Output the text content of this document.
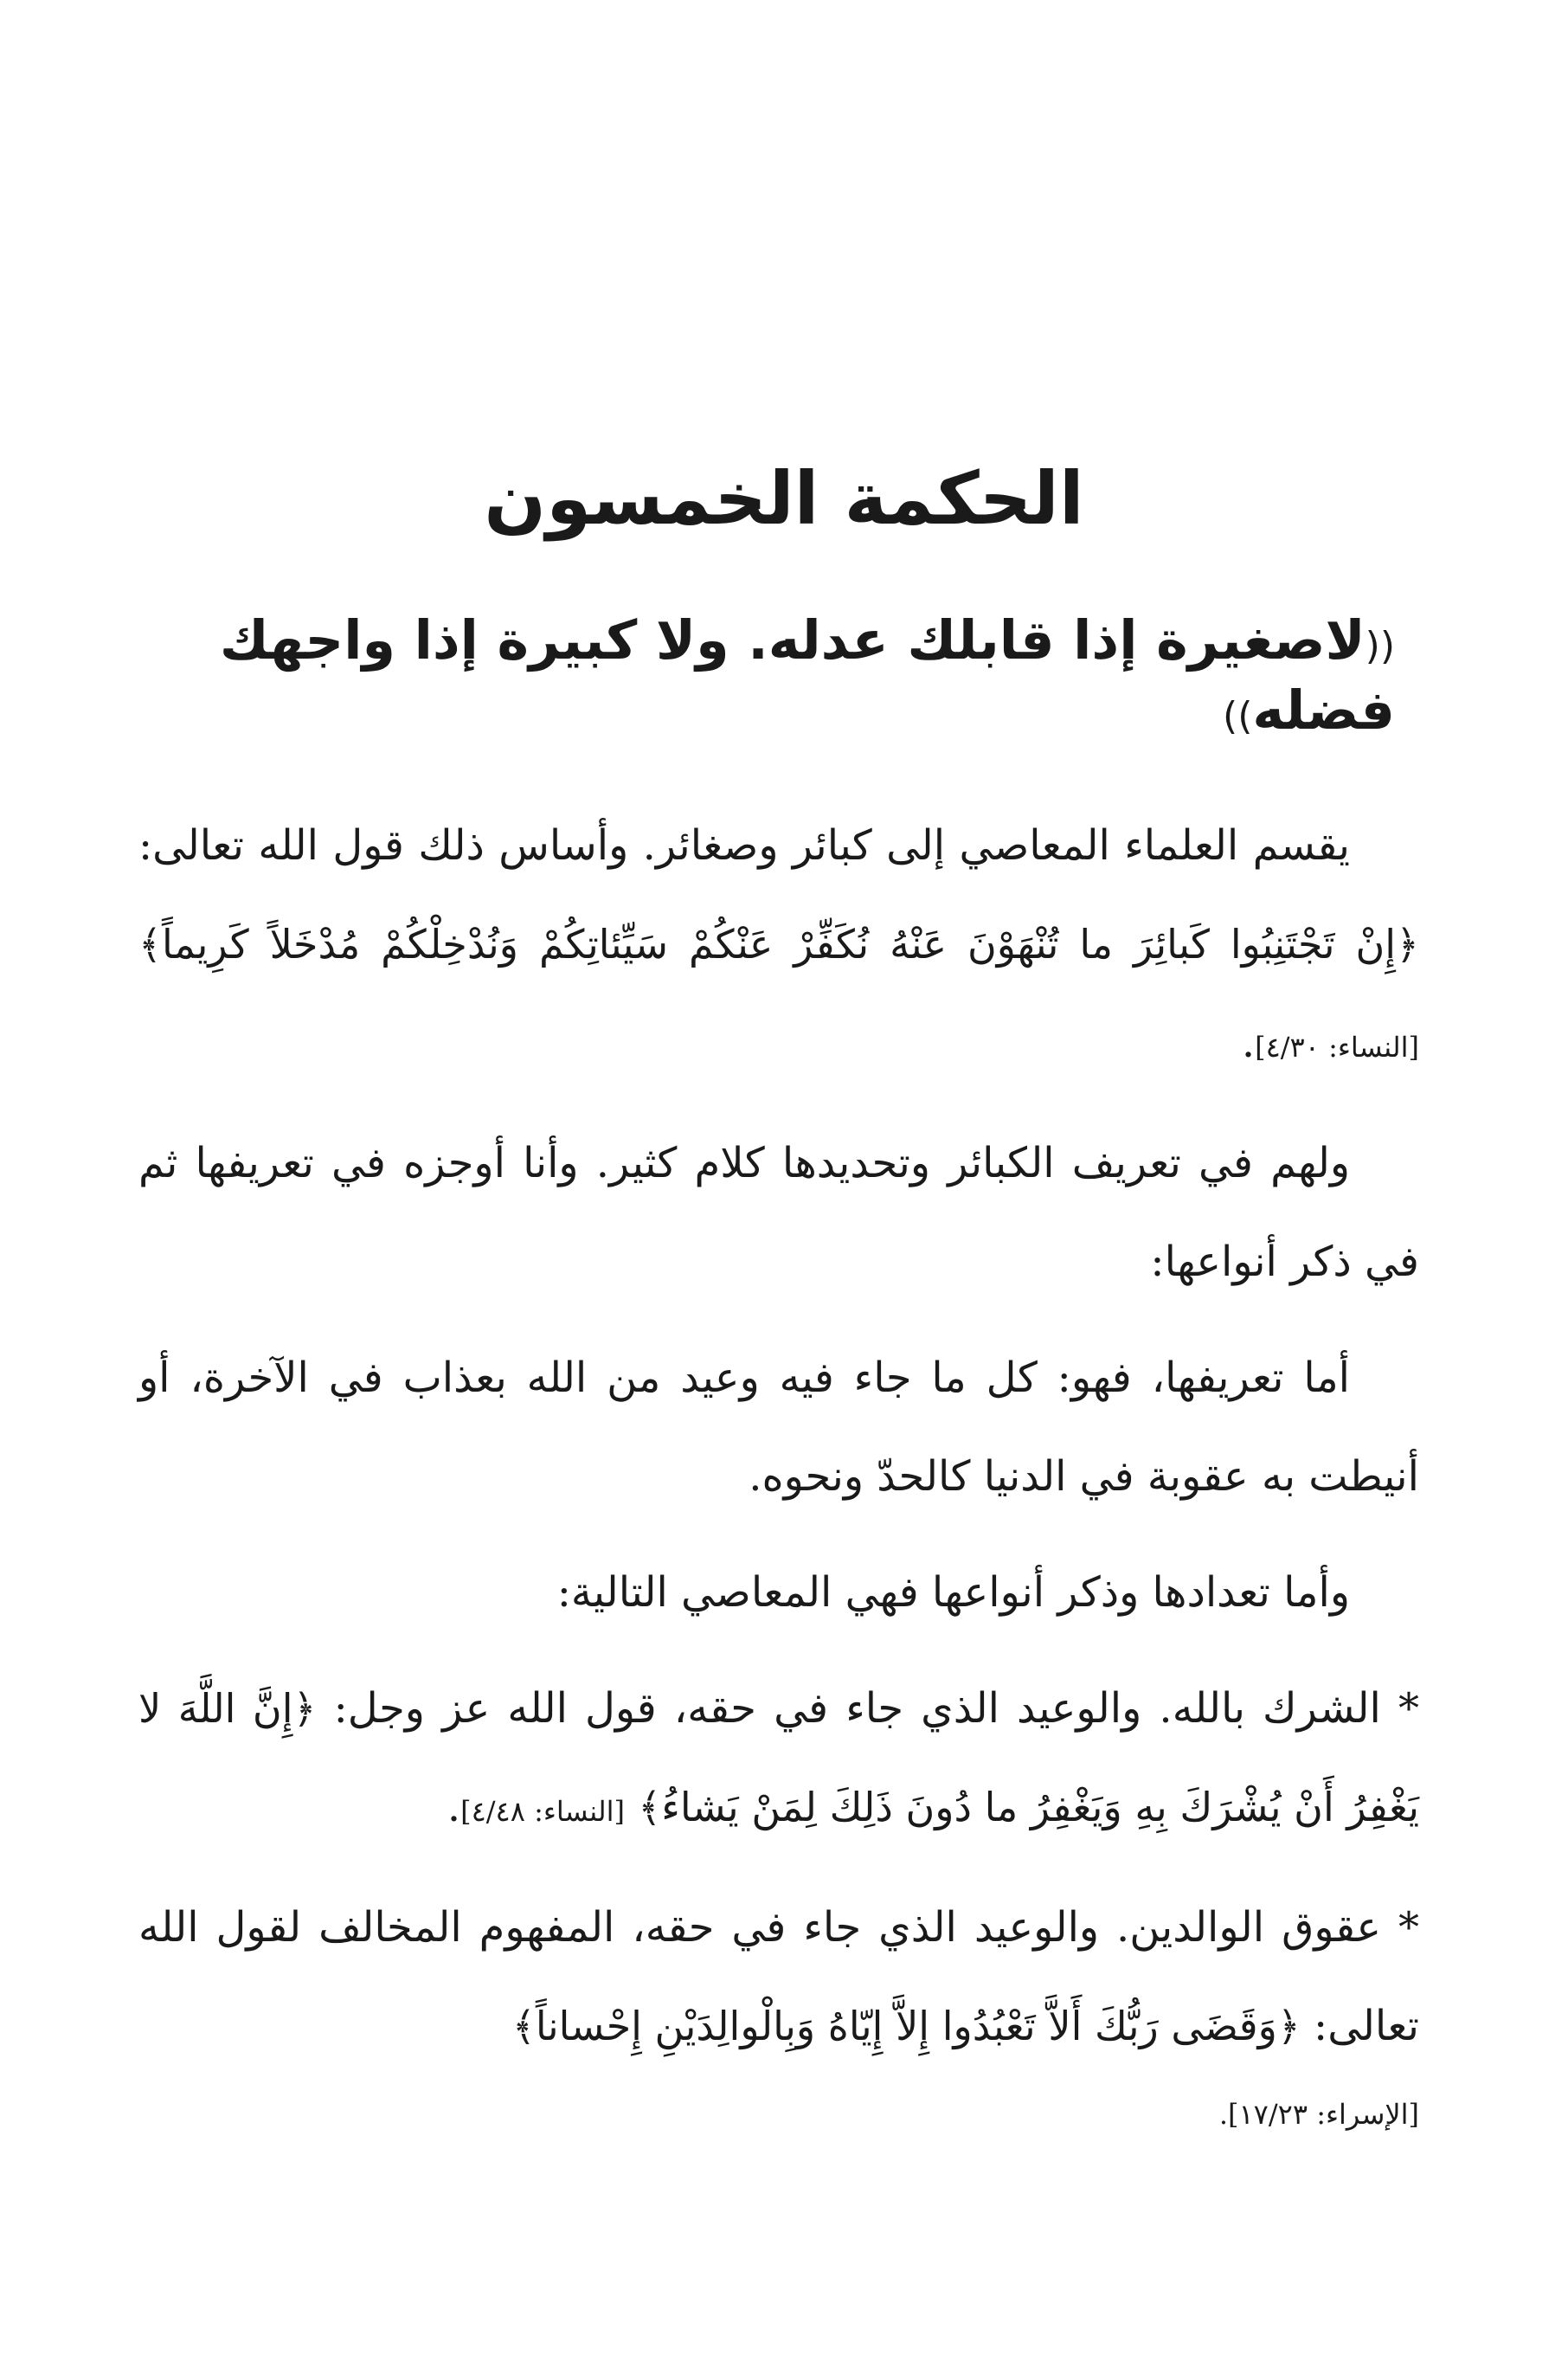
الحكمة الخمسون
((لاصغيرة إذا قابلك عدله. ولا كبيرة إذا واجهك فضله))

يقسم العلماء المعاصي إلى كبائر وصغائر. وأساس ذلك قول الله تعالى: ﴿إِنْ تَجْتَنِبُوا كَبائِرَ ما تُنْهَوْنَ عَنْهُ نُكَفِّرْ عَنْكُمْ سَيِّئاتِكُمْ وَنُدْخِلْكُمْ مُدْخَلاً كَرِيماً﴾ [النساء: ٤/٣٠].

ولهم في تعريف الكبائر وتحديدها كلام كثير. وأنا أوجزه في تعريفها ثم في ذكر أنواعها:

أما تعريفها، فهو: كل ما جاء فيه وعيد من الله بعذاب في الآخرة، أو أنيطت به عقوبة في الدنيا كالحدّ ونحوه.

وأما تعدادها وذكر أنواعها فهي المعاصي التالية:

* الشرك بالله. والوعيد الذي جاء في حقه، قول الله عز وجل: ﴿إِنَّ اللَّهَ لا يَغْفِرُ أَنْ يُشْرَكَ بِهِ وَيَغْفِرُ ما دُونَ ذَلِكَ لِمَنْ يَشاءُ﴾ [النساء: ٤/٤٨].

* عقوق الوالدين. والوعيد الذي جاء في حقه، المفهوم المخالف لقول الله تعالى: ﴿وَقَضَى رَبُّكَ أَلاَّ تَعْبُدُوا إِلاَّ إِيّاهُ وَبِالْوالِدَيْنِ إِحْساناً﴾

[الإسراء: ١٧/٢٣].
